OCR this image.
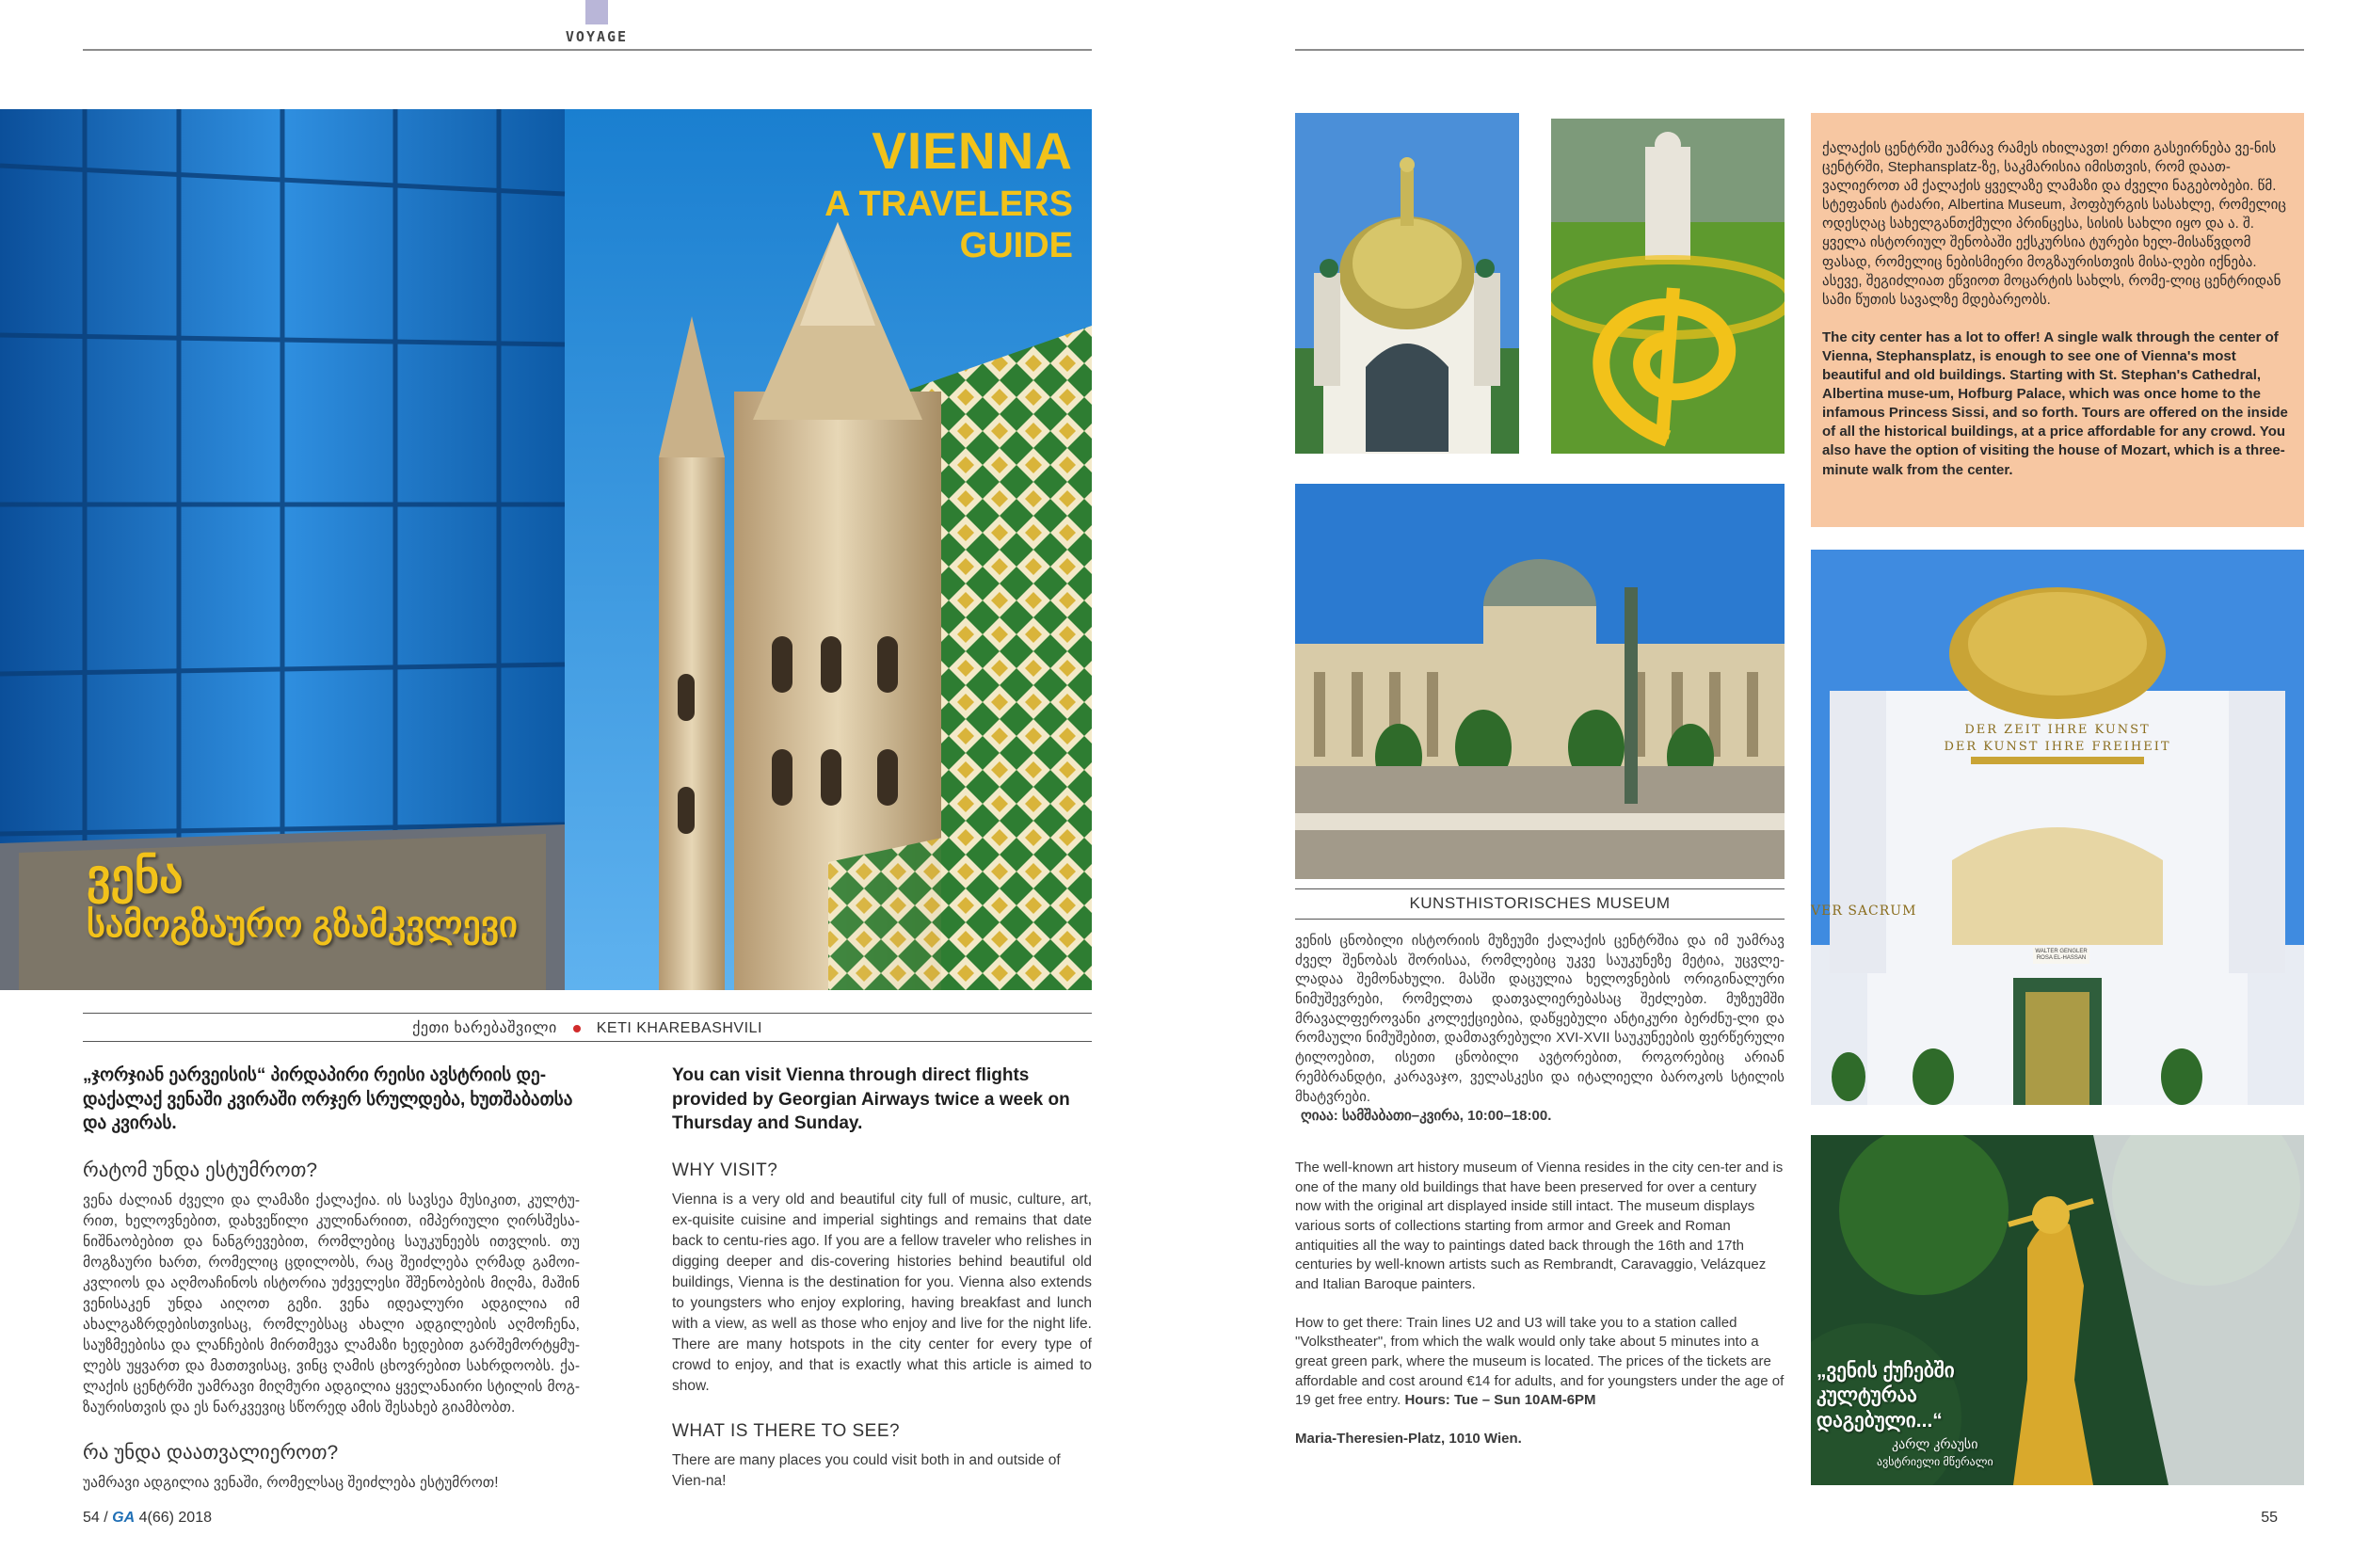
VOYAGE
VIENNA
A TRAVELERS
GUIDE
ვენა
სამოგზაურო გზამკვლევი
ქეთი ხარებაშვილი	KETI KHAREBASHVILI

„ჯორჯიან ეარვეისის“ პირდაპირი რეისი ავსტრიის დე-დაქალაქ ვენაში კვირაში ორჯერ სრულდება, ხუთშაბათსა და კვირას.

რატომ უნდა ესტუმროთ?

ვენა ძალიან ძველი და ლამაზი ქალაქია. ის სავსეა მუსიკით, კულტუ-რით, ხელოვნებით, დახვეწილი კულინარიით, იმპერიული ღირსშესა-ნიშნაობებით და ნანგრევებით, რომლებიც საუკუნეებს ითვლის. თუ მოგზაური ხართ, რომელიც ცდილობს, რაც შეიძლება ღრმად გამოი-კვლიოს და აღმოაჩინოს ისტორია უძველესი შშენობების მიღმა, მაშინ ვენისაკენ უნდა აიღოთ გეზი. ვენა იდეალური ადგილია იმ ახალგაზრდებისთვისაც, რომლებსაც ახალი ადგილების აღმოჩენა, საუზმეებისა და ლანჩების მირთმევა ლამაზი ხედებით გარშემორტყმუ-ლებს უყვართ და მათთვისაც, ვინც ღამის ცხოვრებით სახრდოობს. ქა-ლაქის ცენტრში უამრავი მიღმური ადგილია ყველანაირი სტილის მოგ-ზაურისთვის და ეს ნარკვევიც სწორედ ამის შესახებ გიამბობთ.

რა უნდა დაათვალიეროთ?

უამრავი ადგილია ვენაში, რომელსაც შეიძლება ესტუმროთ!

You can visit Vienna through direct flights provided by Georgian Airways twice a week on Thursday and Sunday.

WHY VISIT?

Vienna is a very old and beautiful city full of music, culture, art, ex-quisite cuisine and imperial sightings and remains that date back to centu-ries ago. If you are a fellow traveler who relishes in digging deeper and dis-covering histories behind beautiful old buildings, Vienna is the destination for you. Vienna also extends to youngsters who enjoy exploring, having breakfast and lunch with a view, as well as those who enjoy and live for the night life. There are many hotspots in the city center for every type of crowd to enjoy, and that is exactly what this article is aimed to show.

WHAT IS THERE TO SEE?

There are many places you could visit both in and outside of Vien-na!

54 / GA 4(66) 2018
KUNSTHISTORISCHES MUSEUM

ქალაქის ცენტრში უამრავ რამეს იხილავთ! ერთი გასეირნება ვე-ნის ცენტრში, Stephansplatz-ზე, საკმარისია იმისთვის, რომ დაათ-ვალიეროთ ამ ქალაქის ყველაზე ლამაზი და ძველი ნაგებობები. წმ. სტეფანის ტაძარი, Albertina Museum, ჰოფბურგის სასახლე, რომელიც ოდესღაც სახელგანთქმული პრინცესა, სისის სახლი იყო და ა. შ. ყველა ისტორიულ შენობაში ექსკურსია ტურები ხელ-მისაწვდომ ფასად, რომელიც ნებისმიერი მოგზაურისთვის მისა-ღები იქნება. ასევე, შეგიძლიათ ეწვიოთ მოცარტის სახლს, რომე-ლიც ცენტრიდან სამი წუთის სავალზე მდებარეობს.

The city center has a lot to offer! A single walk through the center of Vienna, Stephansplatz, is enough to see one of Vienna's most beautiful and old buildings. Starting with St. Stephan's Cathedral, Albertina muse-um, Hofburg Palace, which was once home to the infamous Princess Sissi, and so forth. Tours are offered on the inside of all the historical buildings, at a price affordable for any crowd. You also have the option of visiting the house of Mozart, which is a three-minute walk from the center.

DER ZEIT IHRE KUNST
DER KUNST IHRE FREIHEIT
VER SACRUM
WALTER GENGLER ROSA EL-HASSAN
„ვენის ქუჩებში კულტურაა დაგებული...“
კარლ კრაუსი
ავსტრიელი მწერალი

ვენის ცნობილი ისტორიის მუზეუმი ქალაქის ცენტრშია და იმ უამრავ ძველ შენობას შორისაა, რომლებიც უკვე საუკუნეზე მეტია, უცვლე-ლადაა შემონახული. მასში დაცულია ხელოვნების ორიგინალური ნიმუშევრები, რომელთა დათვალიერებასაც შეძლებთ. მუზეუმში მრავალფეროვანი კოლექციებია, დაწყებული ანტიკური ბერძნუ-ლი და რომაული ნიმუშებით, დამთავრებული XVI-XVII საუკუნეების ფერწერული ტილოებით, ისეთი ცნობილი ავტორებით, როგორებიც არიან რემბრანდტი, კარავაჯო, ველასკესი და იტალიელი ბაროკოს სტილის მხატვრები.

ღიაა: სამშაბათი–კვირა, 10:00–18:00.

The well-known art history museum of Vienna resides in the city cen-ter and is one of the many old buildings that have been preserved for over a century now with the original art displayed inside still intact. The museum displays various sorts of collections starting from armor and Greek and Roman antiquities all the way to paintings dated back through the 16th and 17th centuries by well-known artists such as Rembrandt, Caravaggio, Velázquez and Italian Baroque painters.

How to get there: Train lines U2 and U3 will take you to a station called "Volkstheater", from which the walk would only take about 5 minutes into a great green park, where the museum is located. The prices of the tickets are affordable and cost around €14 for adults, and for youngsters under the age of 19 get free entry. Hours: Tue – Sun 10AM-6PM

Maria-Theresien-Platz, 1010 Wien.

55
